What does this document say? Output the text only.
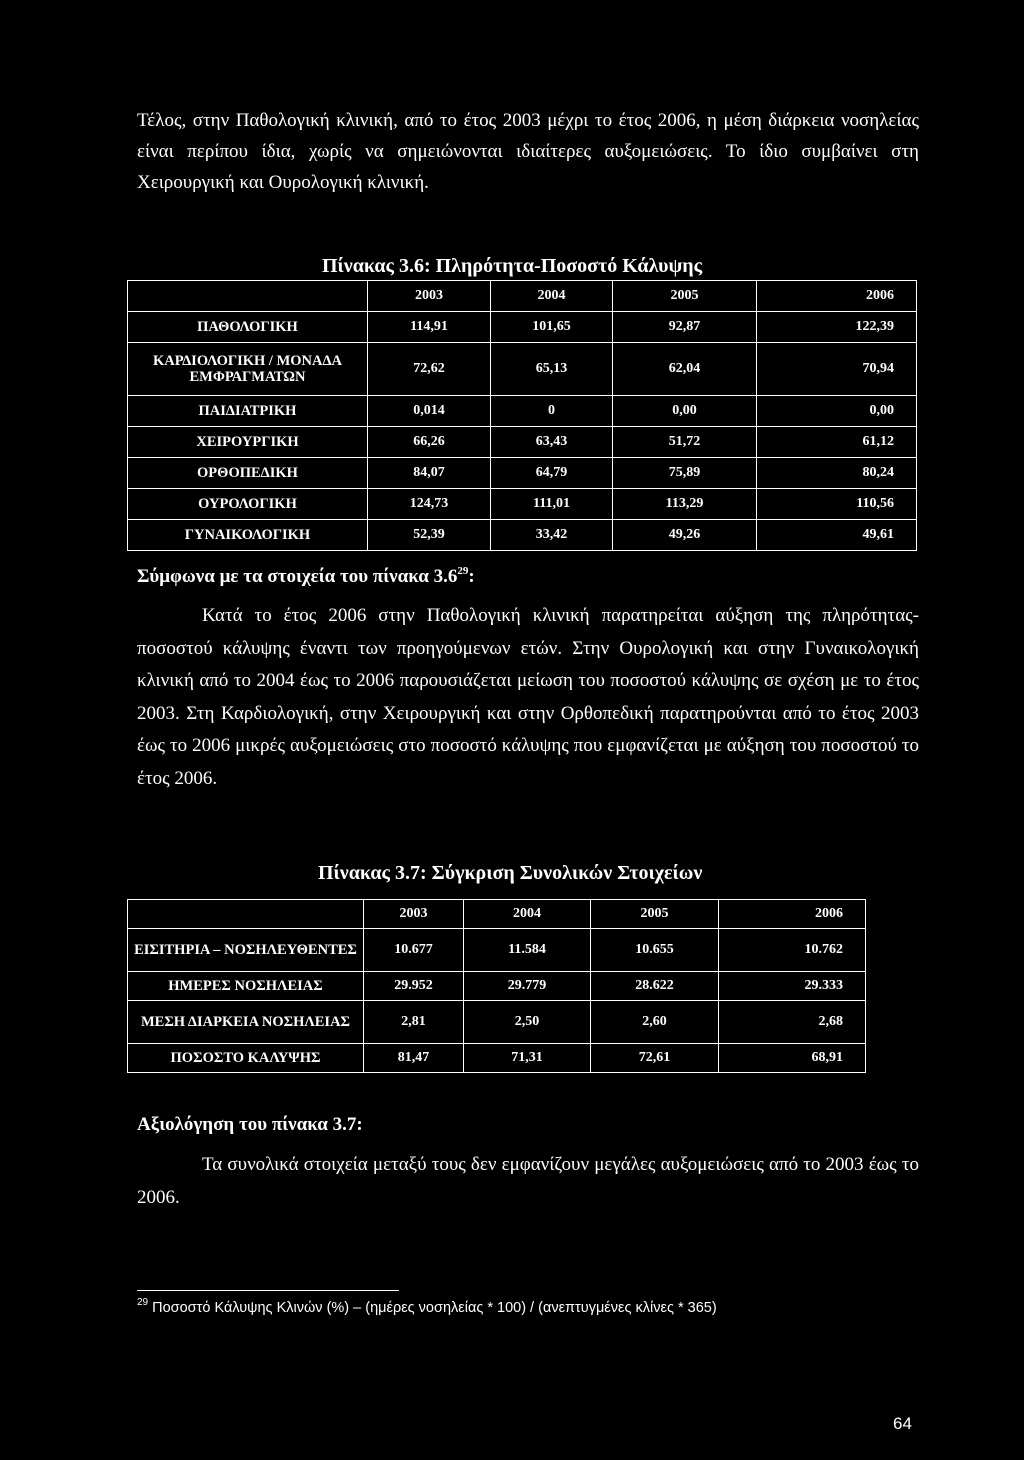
Τέλος, στην Παθολογική κλινική, από το έτος 2003 μέχρι το έτος 2006, η μέση διάρκεια νοσηλείας είναι περίπου ίδια, χωρίς να σημειώνονται ιδιαίτερες αυξομειώσεις. Το ίδιο συμβαίνει στη Χειρουργική και Ουρολογική κλινική.

Πίνακας 3.6: Πληρότητα-Ποσοστό Κάλυψης

	2003	2004	2005	2006
ΠΑΘΟΛΟΓΙΚΗ	114,91	101,65	92,87	122,39
ΚΑΡΔΙΟΛΟΓΙΚΗ / ΜΟΝΑΔΑ ΕΜΦΡΑΓΜΑΤΩΝ	72,62	65,13	62,04	70,94
ΠΑΙΔΙΑΤΡΙΚΗ	0,014	0	0,00	0,00
ΧΕΙΡΟΥΡΓΙΚΗ	66,26	63,43	51,72	61,12
ΟΡΘΟΠΕΔΙΚΗ	84,07	64,79	75,89	80,24
ΟΥΡΟΛΟΓΙΚΗ	124,73	111,01	113,29	110,56
ΓΥΝΑΙΚΟΛΟΓΙΚΗ	52,39	33,42	49,26	49,61

Σύμφωνα με τα στοιχεία του πίνακα $3.6^{29}$:

Κατά το έτος 2006 στην Παθολογική κλινική παρατηρείται αύξηση της πληρότητας-ποσοστού κάλυψης έναντι των προηγούμενων ετών. Στην Ουρολογική και στην Γυναικολογική κλινική από το 2004 έως το 2006 παρουσιάζεται μείωση του ποσοστού κάλυψης σε σχέση με το έτος 2003. Στη Καρδιολογική, στην Χειρουργική και στην Ορθοπεδική παρατηρούνται από το έτος 2003 έως το 2006 μικρές αυξομειώσεις στο ποσοστό κάλυψης που εμφανίζεται με αύξηση του ποσοστού το έτος 2006.

Πίνακας 3.7: Σύγκριση Συνολικών Στοιχείων

	2003	2004	2005	2006
ΕΙΣΙΤΗΡΙΑ – ΝΟΣΗΛΕΥΘΕΝΤΕΣ	10.677	11.584	10.655	10.762
ΗΜΕΡΕΣ ΝΟΣΗΛΕΙΑΣ	29.952	29.779	28.622	29.333
ΜΕΣΗ ΔΙΑΡΚΕΙΑ ΝΟΣΗΛΕΙΑΣ	2,81	2,50	2,60	2,68
ΠΟΣΟΣΤΟ ΚΑΛΥΨΗΣ	81,47	71,31	72,61	68,91

Αξιολόγηση του πίνακα 3.7:

Τα συνολικά στοιχεία μεταξύ τους δεν εμφανίζουν μεγάλες αυξομειώσεις από το 2003 έως το 2006.

$^{29}$ Ποσοστό Κάλυψης Κλινών (%) – (ημέρες νοσηλείας * 100) / (ανεπτυγμένες κλίνες * 365)

64
